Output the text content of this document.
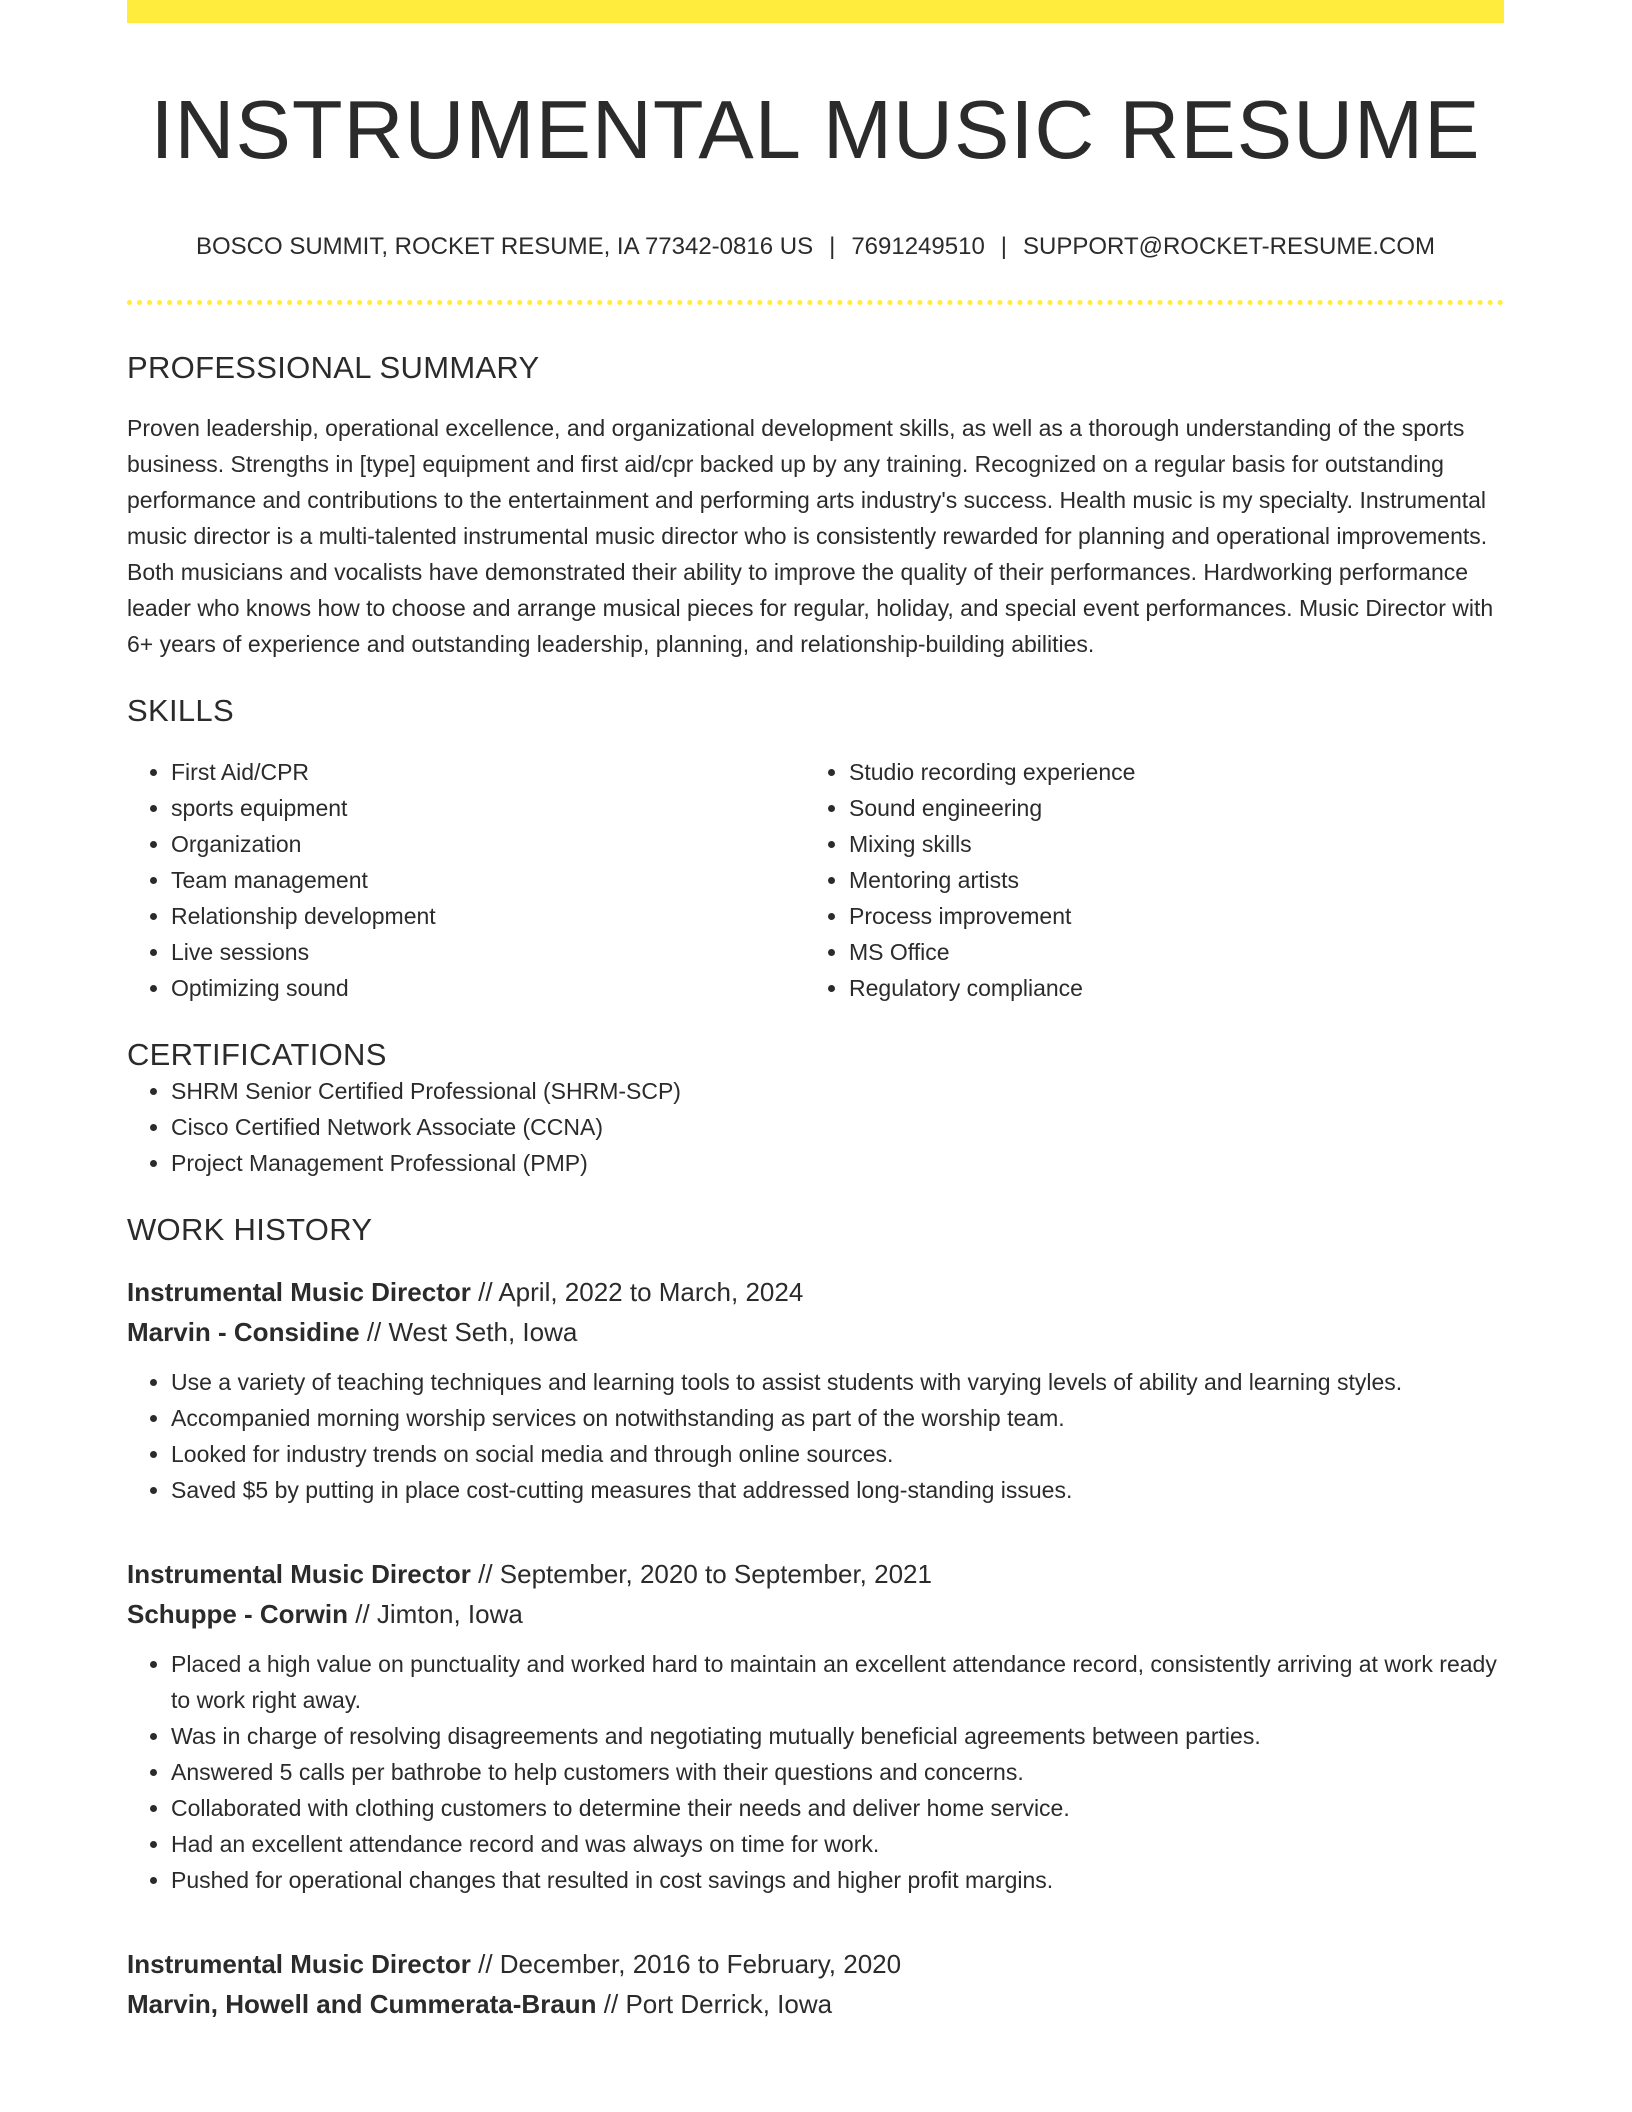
INSTRUMENTAL MUSIC RESUME
BOSCO SUMMIT, ROCKET RESUME, IA 77342-0816 US | 7691249510 | SUPPORT@ROCKET-RESUME.COM
PROFESSIONAL SUMMARY

Proven leadership, operational excellence, and organizational development skills, as well as a thorough understanding of the sports business. Strengths in [type] equipment and first aid/cpr backed up by any training. Recognized on a regular basis for outstanding performance and contributions to the entertainment and performing arts industry's success. Health music is my specialty. Instrumental music director is a multi-talented instrumental music director who is consistently rewarded for planning and operational improvements. Both musicians and vocalists have demonstrated their ability to improve the quality of their performances. Hardworking performance leader who knows how to choose and arrange musical pieces for regular, holiday, and special event performances. Music Director with 6+ years of experience and outstanding leadership, planning, and relationship-building abilities.

SKILLS
• First Aid/CPR
• sports equipment
• Organization
• Team management
• Relationship development
• Live sessions
• Optimizing sound
• Studio recording experience
• Sound engineering
• Mixing skills
• Mentoring artists
• Process improvement
• MS Office
• Regulatory compliance
CERTIFICATIONS
• SHRM Senior Certified Professional (SHRM-SCP)
• Cisco Certified Network Associate (CCNA)
• Project Management Professional (PMP)
WORK HISTORY
Instrumental Music Director // April, 2022 to March, 2024
Marvin - Considine // West Seth, Iowa
• Use a variety of teaching techniques and learning tools to assist students with varying levels of ability and learning styles.
• Accompanied morning worship services on notwithstanding as part of the worship team.
• Looked for industry trends on social media and through online sources.
• Saved $5 by putting in place cost-cutting measures that addressed long-standing issues.
Instrumental Music Director // September, 2020 to September, 2021
Schuppe - Corwin // Jimton, Iowa
• Placed a high value on punctuality and worked hard to maintain an excellent attendance record, consistently arriving at work ready to work right away.
• Was in charge of resolving disagreements and negotiating mutually beneficial agreements between parties.
• Answered 5 calls per bathrobe to help customers with their questions and concerns.
• Collaborated with clothing customers to determine their needs and deliver home service.
• Had an excellent attendance record and was always on time for work.
• Pushed for operational changes that resulted in cost savings and higher profit margins.
Instrumental Music Director // December, 2016 to February, 2020
Marvin, Howell and Cummerata-Braun // Port Derrick, Iowa
